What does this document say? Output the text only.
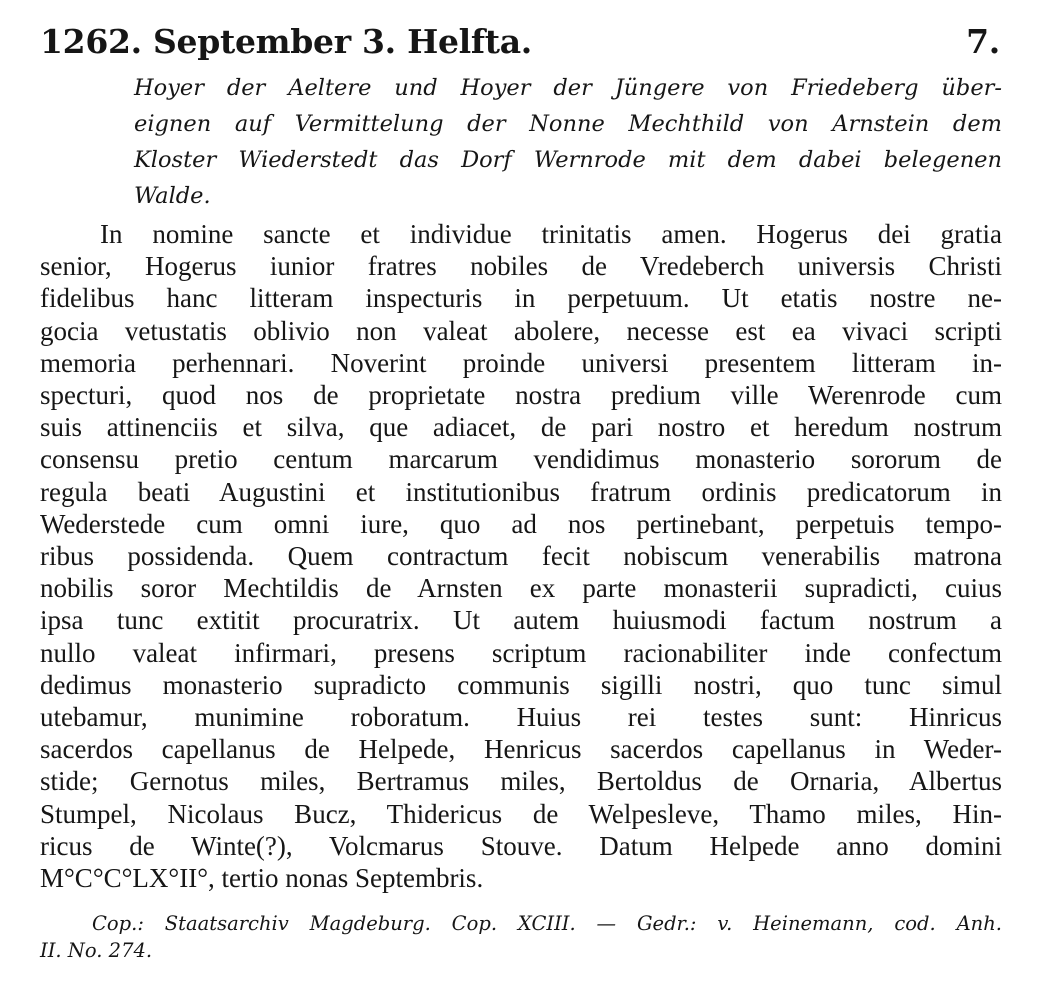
1262. September 3. Helfta.	7.
Hoyer der Aeltere und Hoyer der Jüngere von Friedeberg über-
eignen auf Vermittelung der Nonne Mechthild von Arnstein dem
Kloster Wiederstedt das Dorf Wernrode mit dem dabei belegenen
Walde.
In nomine sancte et individue trinitatis amen. Hogerus dei gratia
senior, Hogerus iunior fratres nobiles de Vredeberch universis Christi
fidelibus hanc litteram inspecturis in perpetuum. Ut etatis nostre ne-
gocia vetustatis oblivio non valeat abolere, necesse est ea vivaci scripti
memoria perhennari. Noverint proinde universi presentem litteram in-
specturi, quod nos de proprietate nostra predium ville Werenrode cum
suis attinenciis et silva, que adiacet, de pari nostro et heredum nostrum
consensu pretio centum marcarum vendidimus monasterio sororum de
regula beati Augustini et institutionibus fratrum ordinis predicatorum in
Wederstede cum omni iure, quo ad nos pertinebant, perpetuis tempo-
ribus possidenda. Quem contractum fecit nobiscum venerabilis matrona
nobilis soror Mechtildis de Arnsten ex parte monasterii supradicti, cuius
ipsa tunc extitit procuratrix. Ut autem huiusmodi factum nostrum a
nullo valeat infirmari, presens scriptum racionabiliter inde confectum
dedimus monasterio supradicto communis sigilli nostri, quo tunc simul
utebamur, munimine roboratum. Huius rei testes sunt: Hinricus
sacerdos capellanus de Helpede, Henricus sacerdos capellanus in Weder-
stide; Gernotus miles, Bertramus miles, Bertoldus de Ornaria, Albertus
Stumpel, Nicolaus Bucz, Thidericus de Welpesleve, Thamo miles, Hin-
ricus de Winte(?), Volcmarus Stouve. Datum Helpede anno domini
M°C°C°LX°II°, tertio nonas Septembris.
Cop.: Staatsarchiv Magdeburg. Cop. XCIII. — Gedr.: v. Heinemann, cod. Anh.
II. No. 274.
